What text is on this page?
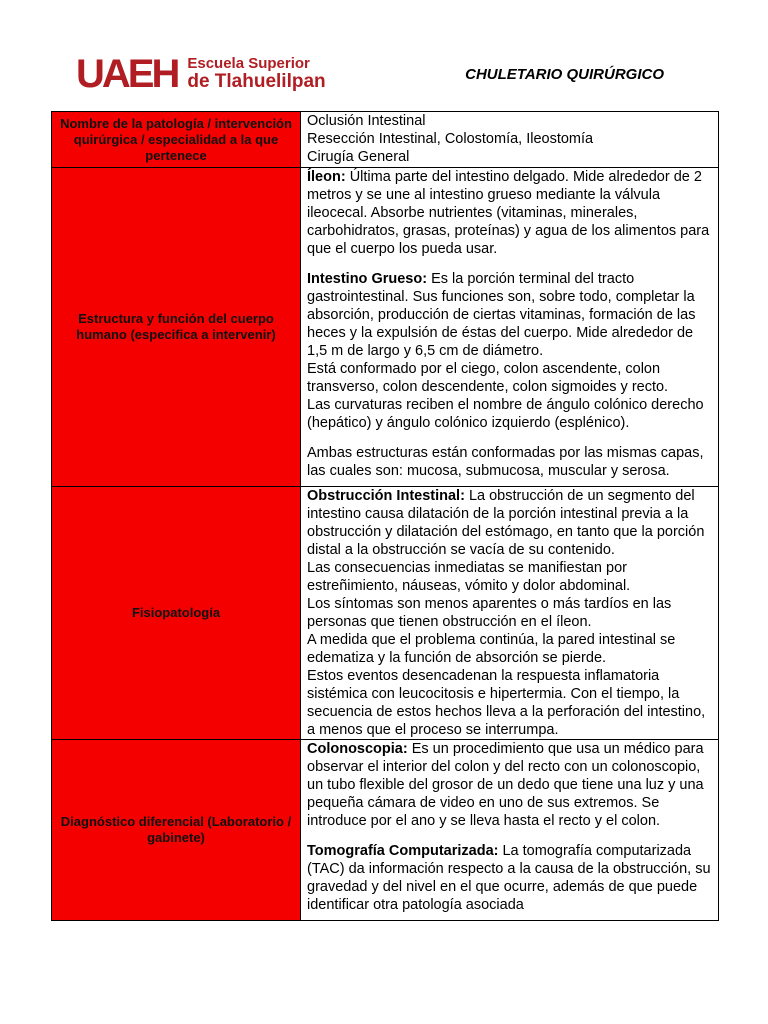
UAEH Escuela Superior
de Tlahuelilpan	CHULETARIO QUIRÚRGICO
Nombre de la patología / intervención quirúrgica / especialidad a la que pertenece	Oclusión Intestinal

Resección Intestinal, Colostomía, Ileostomía

Cirugía General

Estructura y función del cuerpo humano (especifica a intervenir)	Íleon: Última parte del intestino delgado. Mide alrededor de 2 metros y se une al intestino grueso mediante la válvula ileocecal. Absorbe nutrientes (vitaminas, minerales, carbohidratos, grasas, proteínas) y agua de los alimentos para que el cuerpo los pueda usar.

Intestino Grueso: Es la porción terminal del tracto gastrointestinal. Sus funciones son, sobre todo, completar la absorción, producción de ciertas vitaminas, formación de las heces y la expulsión de éstas del cuerpo. Mide alrededor de 1,5 m de largo y 6,5 cm de diámetro.

Está conformado por el ciego, colon ascendente, colon transverso, colon descendente, colon sigmoides y recto.

Las curvaturas reciben el nombre de ángulo colónico derecho (hepático) y ángulo colónico izquierdo (esplénico).

Ambas estructuras están conformadas por las mismas capas, las cuales son: mucosa, submucosa, muscular y serosa.

Fisiopatología	Obstrucción Intestinal: La obstrucción de un segmento del intestino causa dilatación de la porción intestinal previa a la obstrucción y dilatación del estómago, en tanto que la porción distal a la obstrucción se vacía de su contenido.

Las consecuencias inmediatas se manifiestan por estreñimiento, náuseas, vómito y dolor abdominal.

Los síntomas son menos aparentes o más tardíos en las personas que tienen obstrucción en el íleon.

A medida que el problema continúa, la pared intestinal se edematiza y la función de absorción se pierde.

Estos eventos desencadenan la respuesta inflamatoria sistémica con leucocitosis e hipertermia. Con el tiempo, la secuencia de estos hechos lleva a la perforación del intestino, a menos que el proceso se interrumpa.

Diagnóstico diferencial (Laboratorio / gabinete)	Colonoscopia: Es un procedimiento que usa un médico para observar el interior del colon y del recto con un colonoscopio, un tubo flexible del grosor de un dedo que tiene una luz y una pequeña cámara de video en uno de sus extremos. Se introduce por el ano y se lleva hasta el recto y el colon.

Tomografía Computarizada: La tomografía computarizada (TAC) da información respecto a la causa de la obstrucción, su gravedad y del nivel en el que ocurre, además de que puede identificar otra patología asociada
